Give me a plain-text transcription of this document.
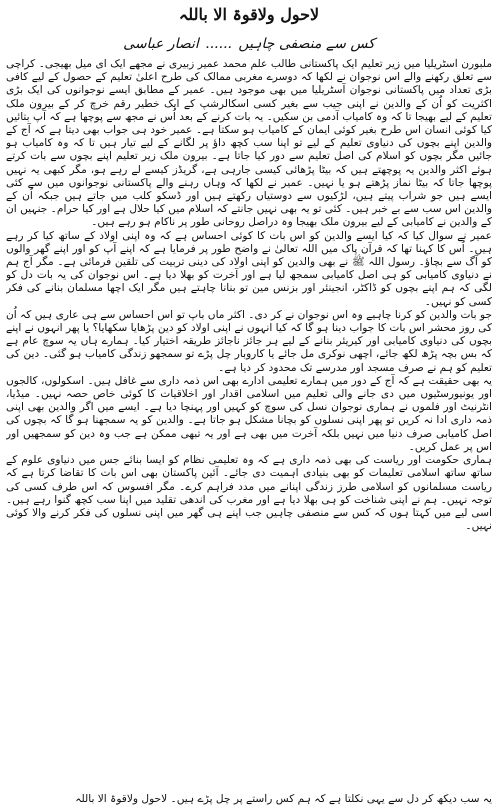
لاحول ولاقوۃ الا باللہ
کس سے منصفی چاہیں ...... انصار عباسی

ملبورن آسٹریلیا میں زیر تعلیم ایک پاکستانی طالب علم محمد عمیر زبیری نے مجھے ایک ای میل بھیجی۔ کراچی سے تعلق رکھنے والے اس نوجوان نے لکھا کہ دوسرے مغربی ممالک کی طرح اعلیٰ تعلیم کے حصول کے لیے کافی بڑی تعداد میں پاکستانی نوجوان آسٹریلیا میں بھی موجود ہیں۔ عمیر کے مطابق ایسے نوجوانوں کی ایک بڑی اکثریت کو اُن کے والدین نے اپنی جیب سے بغیر کسی اسکالرشپ کے ایک خطیر رقم خرچ کر کے بیرون ملک تعلیم کے لیے بھیجا تا کہ وہ کامیاب آدمی بن سکیں۔ یہ بات کرنے کے بعد اُس نے مجھ سے پوچھا ہے کہ آپ بتائیں کیا کوئی انسان اس طرح بغیر کوئی ایمان کے کامیاب ہو سکتا ہے۔ عمیر خود ہی جواب بھی دیتا ہے کہ آج کے والدین اپنے بچوں کی دنیاوی تعلیم کے لیے تو اپنا سب کچھ داؤ پر لگانے کے لیے تیار ہیں تا کہ وہ کامیاب ہو جائیں مگر بچوں کو اسلام کی اصل تعلیم سے دور کیا جاتا ہے۔ بیرون ملک زیر تعلیم اپنے بچوں سے بات کرتے ہوئے اکثر والدین یہ پوچھتے ہیں کہ بیٹا پڑھائی کیسی جارہی ہے، گریڈز کیسے لے رہے ہو، مگر کبھی یہ نہیں پوچھا جاتا کہ بیٹا نماز پڑھتے ہو یا نہیں۔ عمیر نے لکھا کہ وہاں رہنے والے پاکستانی نوجوانوں میں سے کئی ایسے ہیں جو شراب پیتے ہیں، لڑکیوں سے دوستیاں رکھتے ہیں اور ڈسکو کلب میں جاتے ہیں جبکہ اُن کے والدین اس سب سے بے خبر ہیں۔ کئی تو یہ بھی نہیں جانتے کہ اسلام میں کیا حلال ہے اور کیا حرام۔ جنہیں ان کے والدین نے کامیابی کے لیے بیرون ملک بھیجا وہ دراصل روحانی طور پر ناکام ہو رہے ہیں۔

عمیر نے سوال کیا کہ کیا ایسے والدین کو اس بات کا کوئی احساس ہے کہ وہ اپنی اولاد کے ساتھ کیا کر رہے ہیں۔ اُس کا کہنا تھا کہ قرآن پاک میں اللہ تعالیٰ نے واضح طور پر فرمایا ہے کہ اپنے آپ کو اور اپنے گھر والوں کو آگ سے بچاؤ۔ رسول اللہ ﷺ نے بھی والدین کو اپنی اولاد کی دینی تربیت کی تلقین فرمائی ہے۔ مگر آج ہم نے دنیاوی کامیابی کو ہی اصل کامیابی سمجھ لیا ہے اور آخرت کو بھلا دیا ہے۔ اس نوجوان کی یہ بات دل کو لگی کہ ہم اپنے بچوں کو ڈاکٹر، انجینئر اور بزنس مین تو بنانا چاہتے ہیں مگر ایک اچھا مسلمان بنانے کی فکر کسی کو نہیں۔

جو بات والدین کو کرنا چاہیے وہ اس نوجوان نے کر دی۔ اکثر ماں باپ تو اس احساس سے ہی عاری ہیں کہ اُن کی روز محشر اس بات کا جواب دینا ہو گا کہ کیا انہوں نے اپنی اولاد کو دین پڑھایا سکھایا؟ یا پھر انہوں نے اپنے بچوں کی دنیاوی کامیابی اور کیریئر بنانے کے لیے ہر جائز ناجائز طریقہ اختیار کیا۔ ہمارے ہاں یہ سوچ عام ہے کہ بس بچہ پڑھ لکھ جائے، اچھی نوکری مل جائے یا کاروبار چل پڑے تو سمجھو زندگی کامیاب ہو گئی۔ دین کی تعلیم کو ہم نے صرف مسجد اور مدرسے تک محدود کر دیا ہے۔

یہ بھی حقیقت ہے کہ آج کے دور میں ہمارے تعلیمی ادارے بھی اس ذمہ داری سے غافل ہیں۔ اسکولوں، کالجوں اور یونیورسٹیوں میں دی جانے والی تعلیم میں اسلامی اقدار اور اخلاقیات کا کوئی خاص حصہ نہیں۔ میڈیا، انٹرنیٹ اور فلموں نے ہماری نوجوان نسل کی سوچ کو کہیں اور پہنچا دیا ہے۔ ایسے میں اگر والدین بھی اپنی ذمہ داری ادا نہ کریں تو پھر اپنی نسلوں کو بچانا مشکل ہو جاتا ہے۔ والدین کو یہ سمجھنا ہو گا کہ بچوں کی اصل کامیابی صرف دنیا میں نہیں بلکہ آخرت میں بھی ہے اور یہ تبھی ممکن ہے جب وہ دین کو سمجھیں اور اس پر عمل کریں۔

ہماری حکومت اور ریاست کی بھی ذمہ داری ہے کہ وہ تعلیمی نظام کو ایسا بنائے جس میں دنیاوی علوم کے ساتھ ساتھ اسلامی تعلیمات کو بھی بنیادی اہمیت دی جائے۔ آئین پاکستان بھی اس بات کا تقاضا کرتا ہے کہ ریاست مسلمانوں کو اسلامی طرز زندگی اپنانے میں مدد فراہم کرے۔ مگر افسوس کہ اس طرف کسی کی توجہ نہیں۔ ہم نے اپنی شناخت کو ہی بھلا دیا ہے اور مغرب کی اندھی تقلید میں اپنا سب کچھ گنوا رہے ہیں۔ اسی لیے میں کہتا ہوں کہ کس سے منصفی چاہیں جب اپنے ہی گھر میں اپنی نسلوں کی فکر کرنے والا کوئی نہیں۔

یہ سب دیکھ کر دل سے یہی نکلتا ہے کہ ہم کس راستے پر چل پڑے ہیں۔ لاحول ولاقوۃ الا باللہ
